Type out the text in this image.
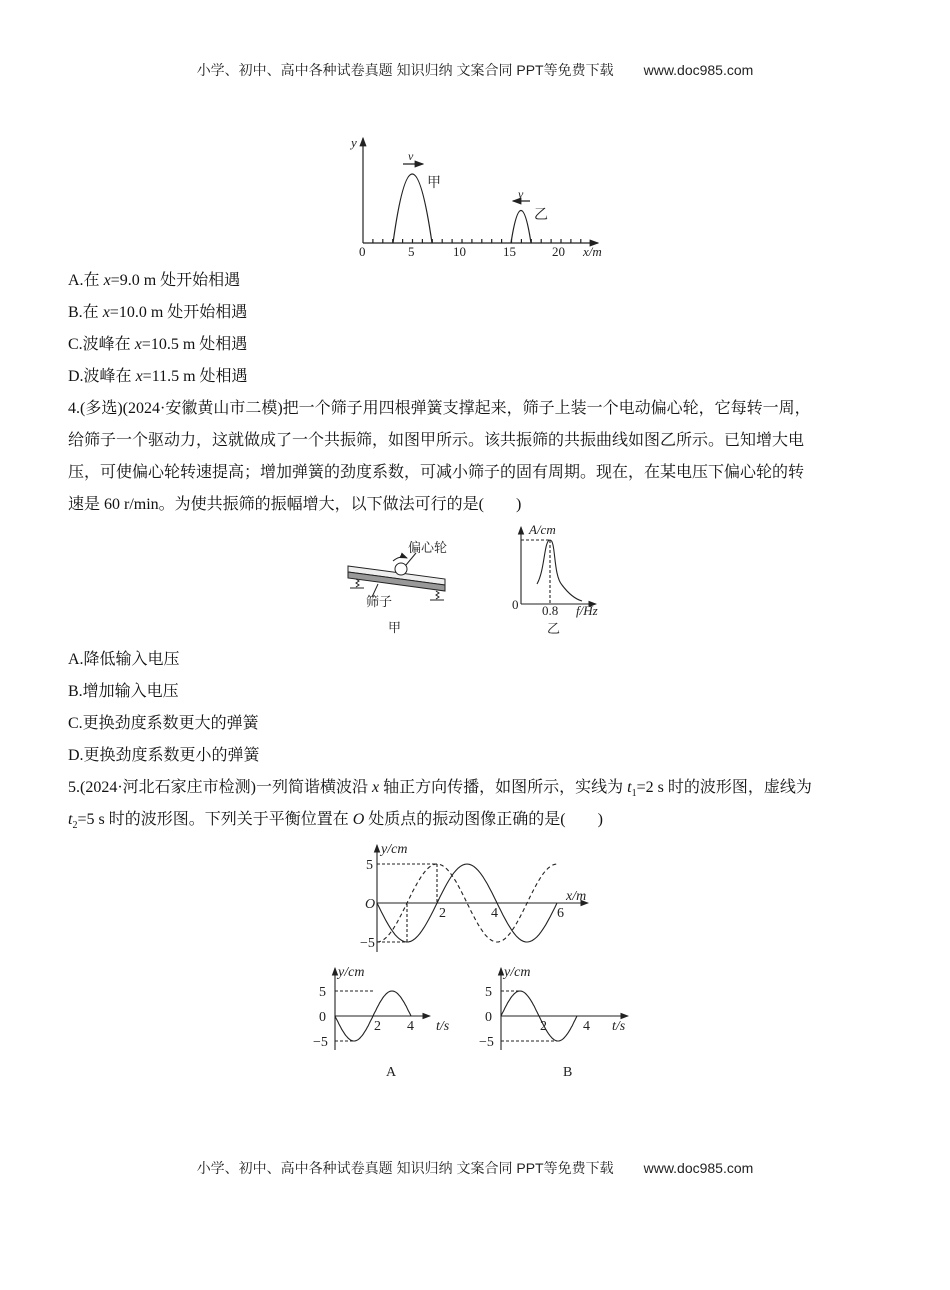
小学、初中、高中各种试卷真题 知识归纳 文案合同 PPT等免费下载 www.doc985.com
y
v
v
甲
乙
0	5	10	15	20 x/m
偏心轮
筛子
甲
A/cm
0 0.8 f/Hz
乙
y/cm
5
−5
O
2	4	6
x/m
y/cm
5
0
−5
2 4 t/s
A
y/cm
5
0
−5
2	4 t/s
B
A.在 x=9.0 m 处开始相遇
B.在 x=10.0 m 处开始相遇
C.波峰在 x=10.5 m 处相遇
D.波峰在 x=11.5 m 处相遇
4.(多选)(2024·安徽黄山市二模)把一个筛子用四根弹簧支撑起来，筛子上装一个电动偏心轮，它每转一周，
给筛子一个驱动力，这就做成了一个共振筛，如图甲所示。该共振筛的共振曲线如图乙所示。已知增大电
压，可使偏心轮转速提高；增加弹簧的劲度系数，可减小筛子的固有周期。现在，在某电压下偏心轮的转
速是 60 r/min。为使共振筛的振幅增大，以下做法可行的是(　　)
A.降低输入电压
B.增加输入电压
C.更换劲度系数更大的弹簧
D.更换劲度系数更小的弹簧
5.(2024·河北石家庄市检测)一列简谐横波沿 x 轴正方向传播，如图所示，实线为 $t_1=2$ s 时的波形图，虚线为
$t_2=5$ s 时的波形图。下列关于平衡位置在 O 处质点的振动图像正确的是(　　)
小学、初中、高中各种试卷真题 知识归纳 文案合同 PPT等免费下载 www.doc985.com
